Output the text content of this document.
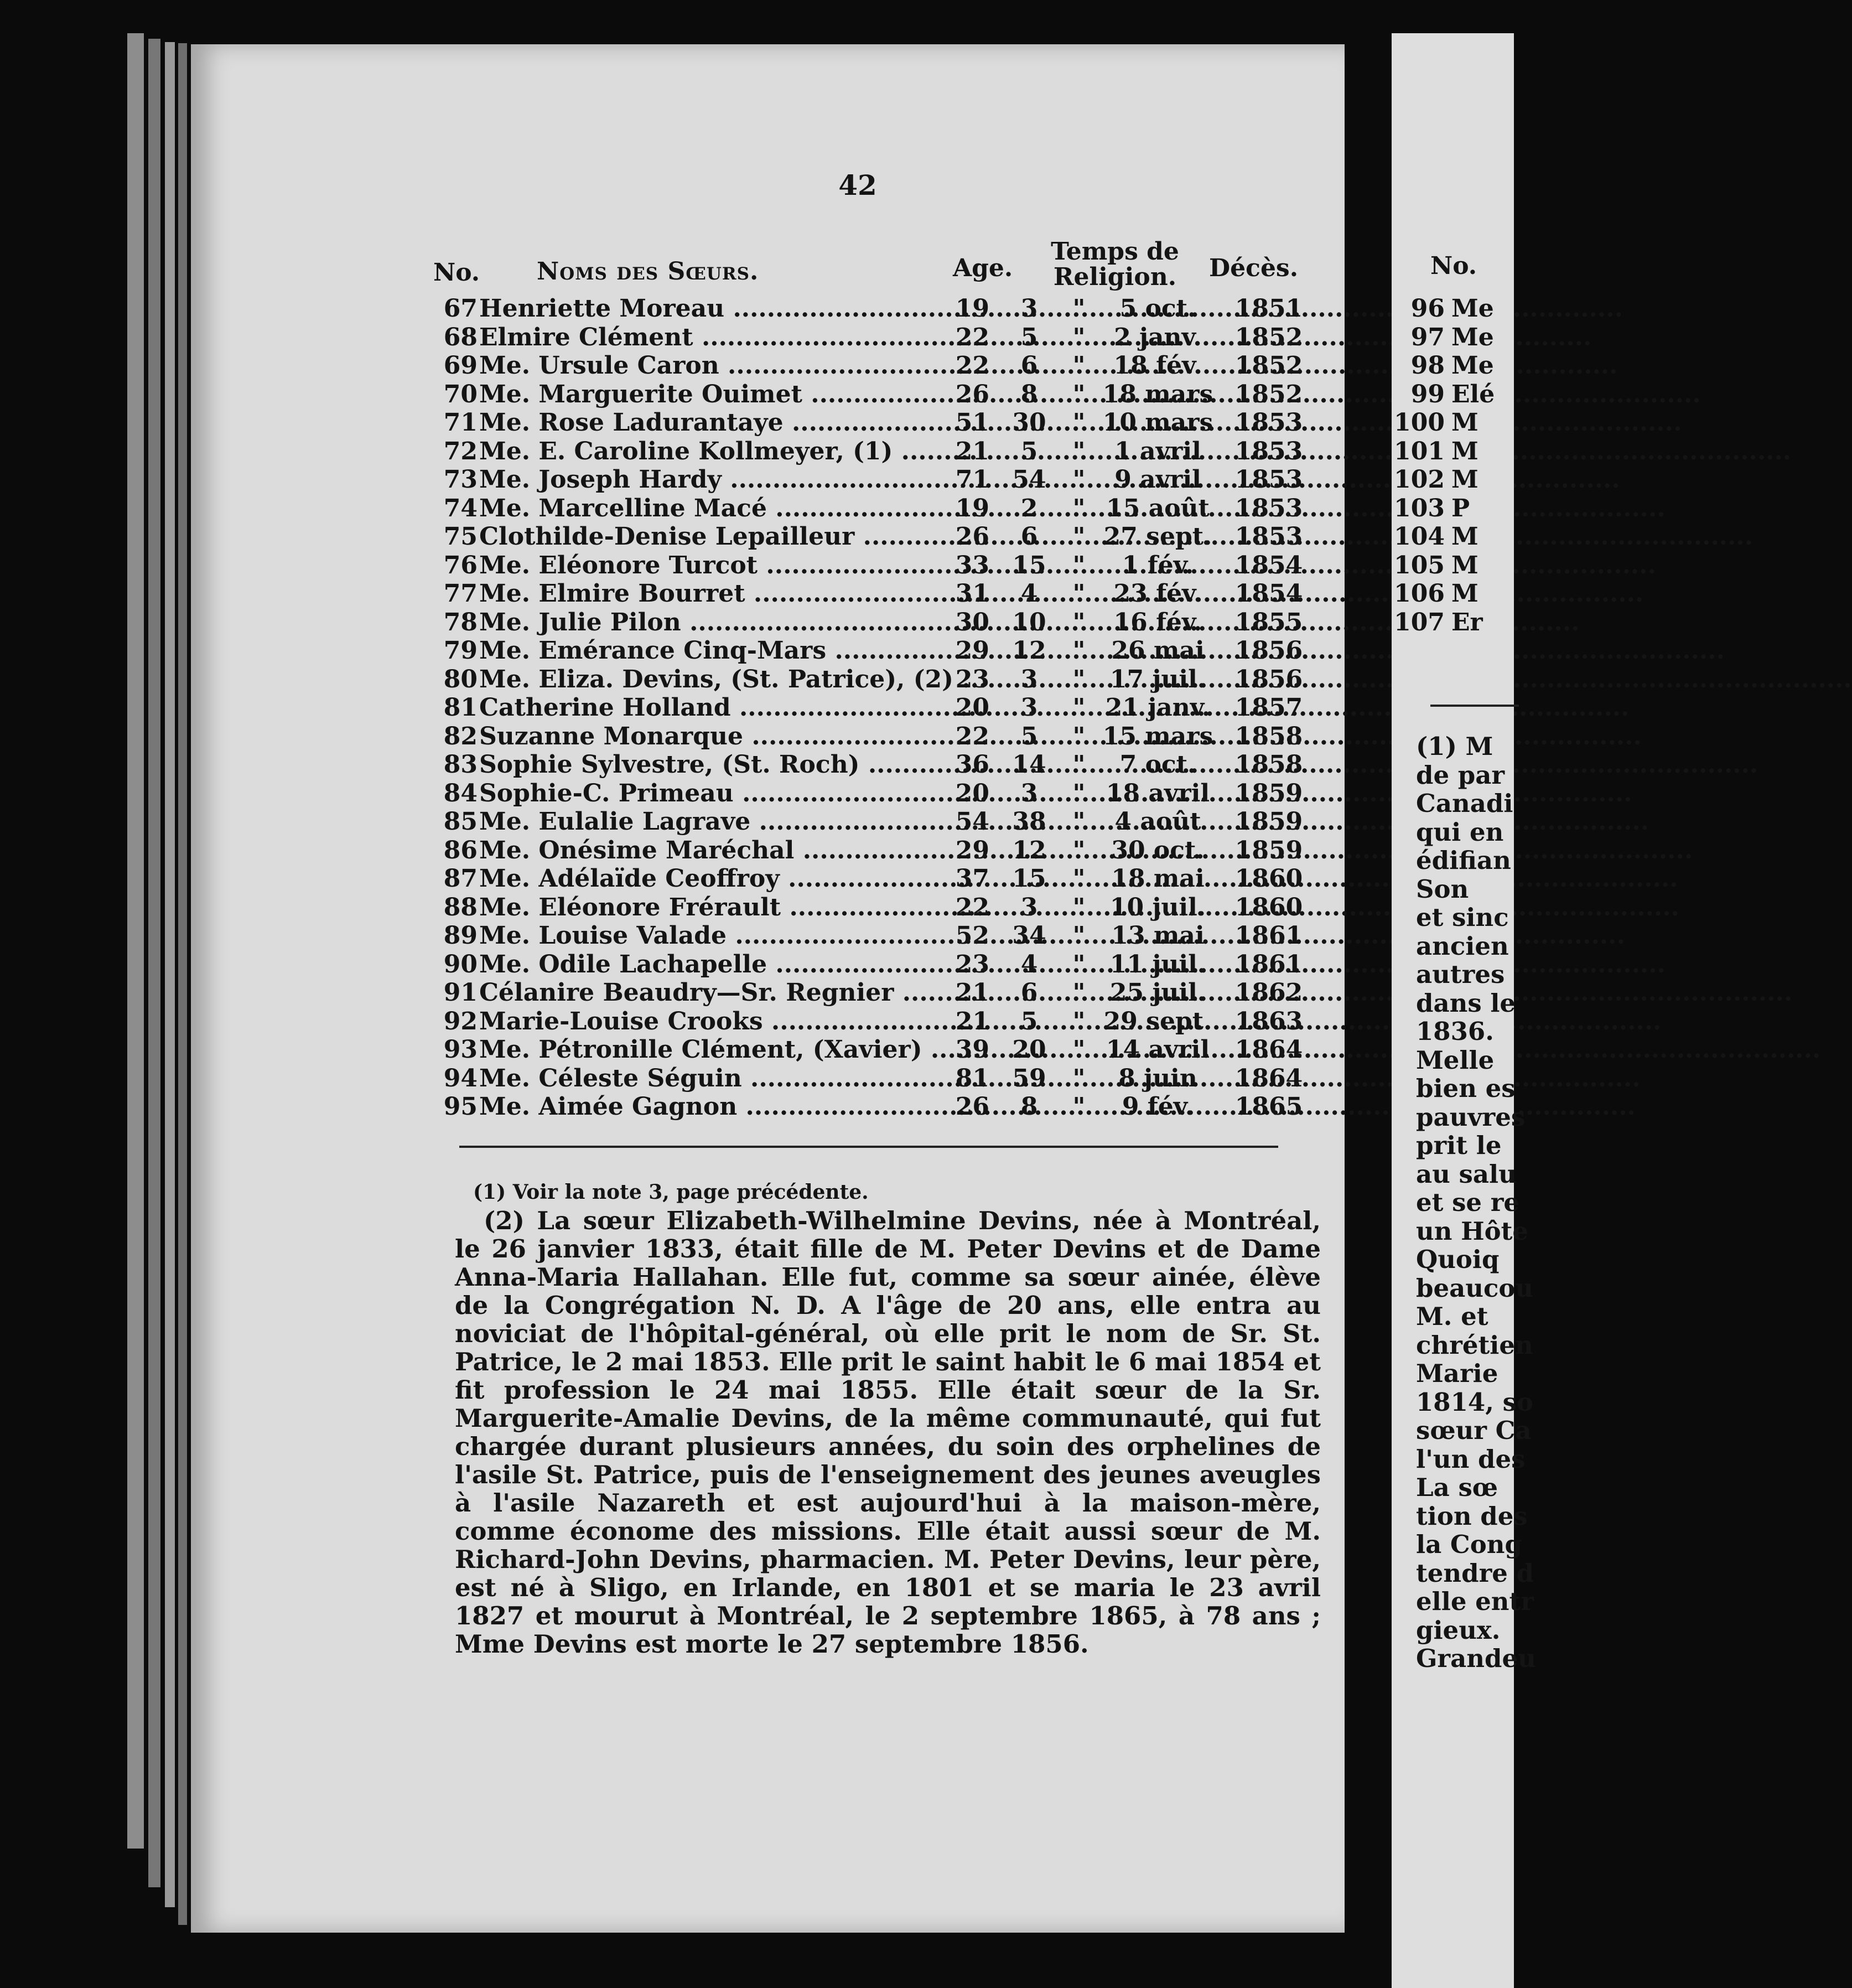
42
No. Noms des Sœurs.	Age.
Temps de
Religion. Décès.
67 Henriette Moreau .....	19	3	"	5 oct.	1851
68 Elmire Clément .....	22	5	"	2 janv.	1852
69 Me. Ursule Caron .....	22	6	"	18 fév.	1852
70 Me. Marguerite Ouimet .....	26	8	" 18 mars 1852
71 Me. Rose Ladurantaye .....	51 30 " 10 mars 1853
72 Me. E. Caroline Kollmeyer, (1) .....	21	5	"	1 avril	1853
73 Me. Joseph Hardy .....	71 54 "	9 avril	1853
74 Me. Marcelline Macé .....	19	2	" 15 août	1853
75 Clothilde-Denise Lepailleur .....	26	6	" 27 sept. 1853
76 Me. Eléonore Turcot .....	33 15 "	1 fév.	1854
77 Me. Elmire Bourret .....	31	4	"	23 fév.	1854
78 Me. Julie Pilon .....	30 10 "	16 fév.	1855
79 Me. Emérance Cinq-Mars .....	29 12 "	26 mai	1856
80 Me. Eliza. Devins, (St. Patrice), (2) ..... 23	3	"	17 juil.	1856
81 Catherine Holland .....	20	3	" 21 janv. 1857
82 Suzanne Monarque .....	22	5	" 15 mars 1858
83 Sophie Sylvestre, (St. Roch) .....	36 14 "	7 oct.	1858
84 Sophie-C. Primeau .....	20	3	" 18 avril	1859
85 Me. Eulalie Lagrave .....	54 38 "	4 août	1859
86 Me. Onésime Maréchal .....	29 12 "	30 oct.	1859
87 Me. Adélaïde Ceoffroy .....	37 15 "	18 mai	1860
88 Me. Eléonore Frérault .....	22	3	"	10 juil.	1860
89 Me. Louise Valade .....	52 34 "	13 mai	1861
90 Me. Odile Lachapelle .....	23	4	"	11 juil.	1861
91 Célanire Beaudry—Sr. Regnier .....	21	6	"	25 juil.	1862
92 Marie-Louise Crooks .....	21	5	" 29 sept. 1863
93 Me. Pétronille Clément, (Xavier) .....	39 20 " 14 avril	1864
94 Me. Céleste Séguin .....	81 59 "	8 juin	1864
95 Me. Aimée Gagnon .....	26	8	"	9 fév.	1865
(1) Voir la note 3, page précédente.
(2) La sœur Elizabeth-Wilhelmine Devins, née à Montréal, le 26 janvier 1833, était fille de M. Peter Devins et de Dame Anna-Maria Hallahan. Elle fut, comme sa sœur ainée, élève de la Congrégation N. D. A l'âge de 20 ans, elle entra au noviciat de l'hôpital-général, où elle prit le nom de Sr. St. Patrice, le 2 mai 1853. Elle prit le saint habit le 6 mai 1854 et fit profession le 24 mai 1855. Elle était sœur de la Sr. Marguerite-Amalie Devins, de la même communauté, qui fut chargée durant plusieurs années, du soin des orphelines de l'asile St. Patrice, puis de l'enseignement des jeunes aveugles à l'asile Nazareth et est aujourd'hui à la maison-mère, comme économe des missions. Elle était aussi sœur de M. Richard-John Devins, pharmacien. M. Peter Devins, leur père, est né à Sligo, en Irlande, en 1801 et se maria le 23 avril 1827 et mourut à Montréal, le 2 septembre 1865, à 78 ans ; Mme Devins est morte le 27 septembre 1856.
No.
96 Me
97 Me
98 Me
99 Elé
100 M
101 M
102 M
103 P
104 M
105 M
106 M
107 Er
(1) M
de par
Canadi
qui en
édifian
Son
et sinc
ancien
autres
dans le
1836.
Melle
bien es
pauvres
prit le
au salu
et se re
un Hôte
Quoiq
beaucou
M. et
chrétien
Marie
1814, so
sœur Ca
l'un des
La sœ
tion des
la Cong
tendre d
elle entr
gieux.
Grandeu
